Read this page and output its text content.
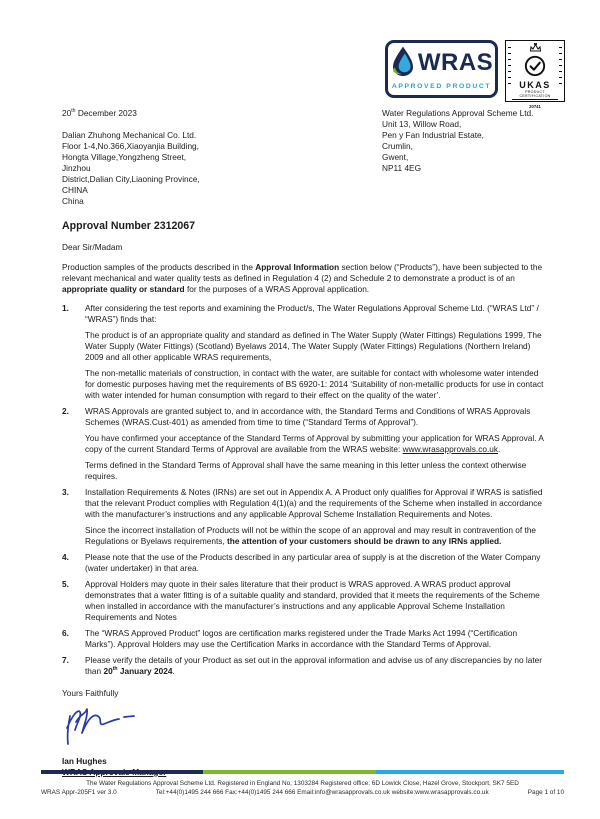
WRAS
APPROVED PRODUCT	UKAS
PRODUCT CERTIFICATION
20741
20th December 2023
Dalian Zhuhong Mechanical Co. Ltd.
Floor 1-4,No.366,Xiaoyanjia Building,
Hongta Village,Yongzheng Street,
Jinzhou
District,Dalian City,Liaoning Province,
CHINA
China
Water Regulations Approval Scheme Ltd.
Unit 13, Willow Road,
Pen y Fan Industrial Estate,
Crumlin,
Gwent,
NP11 4EG
Approval Number 2312067
Dear Sir/Madam
Production samples of the products described in the Approval Information section below (“Products”), have been subjected to the relevant mechanical and water quality tests as defined in Regulation 4 (2) and Schedule 2 to demonstrate a product is of an appropriate quality or standard for the purposes of a WRAS Approval application.
1.	After considering the test reports and examining the Product/s, The Water Regulations Approval Scheme Ltd. (“WRAS Ltd” / “WRAS”) finds that:

The product is of an appropriate quality and standard as defined in The Water Supply (Water Fittings) Regulations 1999, The Water Supply (Water Fittings) (Scotland) Byelaws 2014, The Water Supply (Water Fittings) Regulations (Northern Ireland) 2009 and all other applicable WRAS requirements,

The non-metallic materials of construction, in contact with the water, are suitable for contact with wholesome water intended for domestic purposes having met the requirements of BS 6920-1: 2014 ‘Suitability of non-metallic products for use in contact with water intended for human consumption with regard to their effect on the quality of the water’.

2.	WRAS Approvals are granted subject to, and in accordance with, the Standard Terms and Conditions of WRAS Approvals Schemes (WRAS.Cust-401) as amended from time to time (“Standard Terms of Approval”).

You have confirmed your acceptance of the Standard Terms of Approval by submitting your application for WRAS Approval. A copy of the current Standard Terms of Approval are available from the WRAS website: www.wrasapprovals.co.uk.

Terms defined in the Standard Terms of Approval shall have the same meaning in this letter unless the context otherwise requires.

3.	Installation Requirements & Notes (IRNs) are set out in Appendix A. A Product only qualifies for Approval if WRAS is satisfied that the relevant Product complies with Regulation 4(1)(a) and the requirements of the Scheme when installed in accordance with the manufacturer’s instructions and any applicable Approval Scheme Installation Requirements and Notes.

Since the incorrect installation of Products will not be within the scope of an approval and may result in contravention of the Regulations or Byelaws requirements, the attention of your customers should be drawn to any IRNs applied.

4.	Please note that the use of the Products described in any particular area of supply is at the discretion of the Water Company (water undertaker) in that area.

5.	Approval Holders may quote in their sales literature that their product is WRAS approved. A WRAS product approval demonstrates that a water fitting is of a suitable quality and standard, provided that it meets the requirements of the Scheme when installed in accordance with the manufacturer’s instructions and any applicable Approval Scheme Installation Requirements and Notes

6.	The “WRAS Approved Product” logos are certification marks registered under the Trade Marks Act 1994 (“Certification Marks”). Approval Holders may use the Certification Marks in accordance with the Standard Terms of Approval.

7.	Please verify the details of your Product as set out in the approval information and advise us of any discrepancies by no later than 20th January 2024.

Yours Faithfully
Ian Hughes
The Water Regulations Approval Scheme Ltd. Registered in England No, 1303284 Registered office: 6D Lowick Close, Hazel Grove, Stockport, SK7 5ED
WRAS Appr-205F1 ver 3.0	Tel:+44(0)1495 244 666 Fax:+44(0)1495 244 666 Email:info@wrasapprovals.co.uk website:www.wrasapprovals.co.uk	Page 1 of 10
